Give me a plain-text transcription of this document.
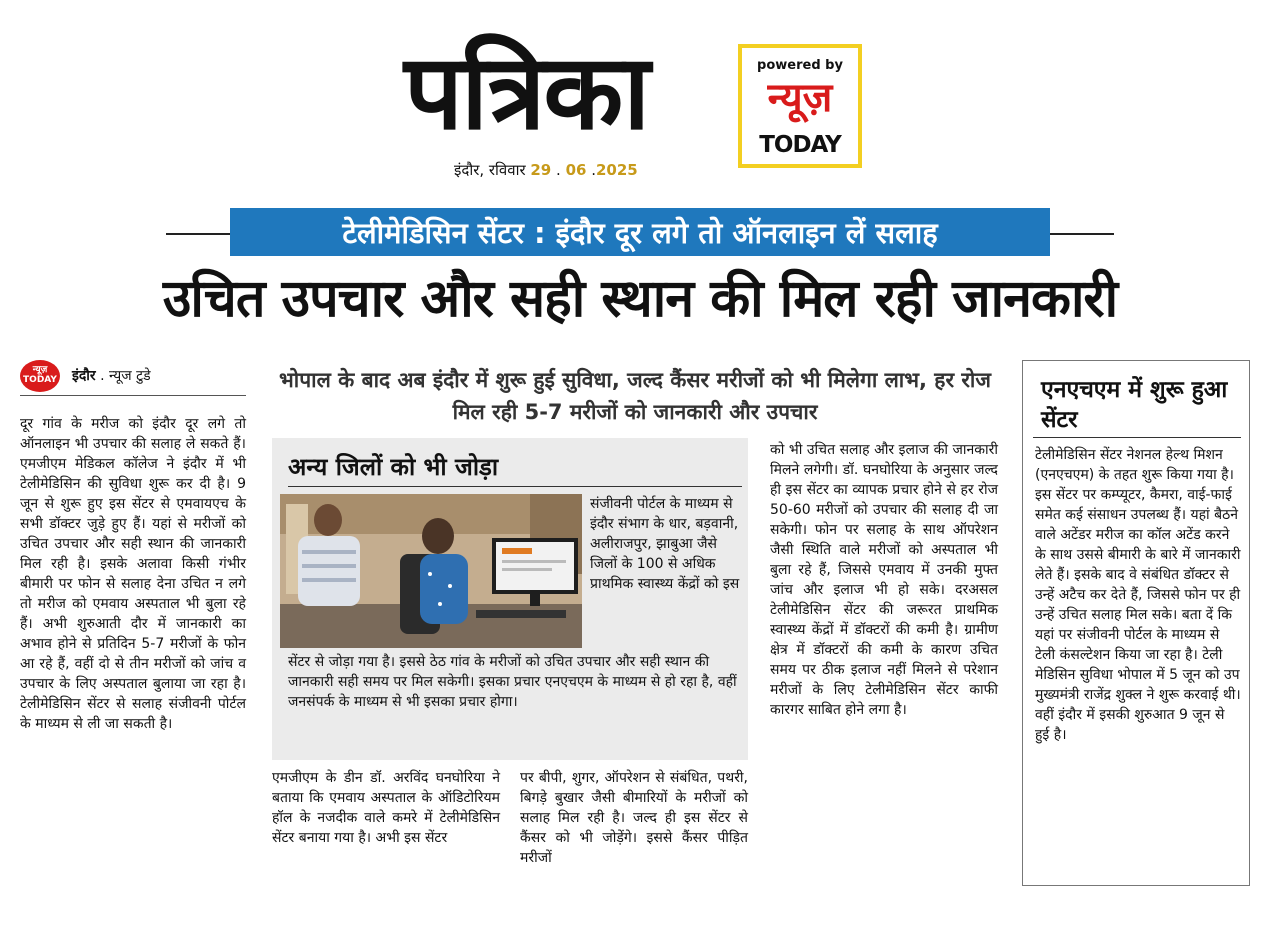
पत्रिका
इंदौर, रविवार 29 . 06 .2025
powered by
न्यूज़
TODAY
टेलीमेडिसिन सेंटर : इंदौर दूर लगे तो ऑनलाइन लें सलाह
उचित उपचार और सही स्थान की मिल रही जानकारी
न्यूज़
TODAY इंदौर . न्यूज टुडे
दूर गांव के मरीज को इंदौर दूर लगे तो ऑनलाइन भी उपचार की सलाह ले सकते हैं। एमजीएम मेडिकल कॉलेज ने इंदौर में भी टेलीमेडिसिन की सुविधा शुरू कर दी है। 9 जून से शुरू हुए इस सेंटर से एमवायएच के सभी डॉक्टर जुड़े हुए हैं। यहां से मरीजों को उचित उपचार और सही स्थान की जानकारी मिल रही है। इसके अलावा किसी गंभीर बीमारी पर फोन से सलाह देना उचित न लगे तो मरीज को एमवाय अस्पताल भी बुला रहे हैं। अभी शुरुआती दौर में जानकारी का अभाव होने से प्रतिदिन 5-7 मरीजों के फोन आ रहे हैं, वहीं दो से तीन मरीजों को जांच व उपचार के लिए अस्पताल बुलाया जा रहा है। टेलीमेडिसिन सेंटर से सलाह संजीवनी पोर्टल के माध्यम से ली जा सकती है।
भोपाल के बाद अब इंदौर में शुरू हुई सुविधा, जल्द कैंसर मरीजों को भी मिलेगा लाभ, हर रोज मिल रही 5-7 मरीजों को जानकारी और उपचार
अन्य जिलों को भी जोड़ा
संजीवनी पोर्टल के माध्यम से इंदौर संभाग के धार, बड़वानी, अलीराजपुर, झाबुआ जैसे जिलों के 100 से अधिक प्राथमिक स्वास्थ्य केंद्रों को इस
सेंटर से जोड़ा गया है। इससे ठेठ गांव के मरीजों को उचित उपचार और सही स्थान की जानकारी सही समय पर मिल सकेगी। इसका प्रचार एनएचएम के माध्यम से हो रहा है, वहीं जनसंपर्क के माध्यम से भी इसका प्रचार होगा।
एमजीएम के डीन डॉ. अरविंद घनघोरिया ने बताया कि एमवाय अस्पताल के ऑडिटोरियम हॉल के नजदीक वाले कमरे में टेलीमेडिसिन सेंटर बनाया गया है। अभी इस सेंटर
पर बीपी, शुगर, ऑपरेशन से संबंधित, पथरी, बिगड़े बुखार जैसी बीमारियों के मरीजों को सलाह मिल रही है। जल्द ही इस सेंटर से कैंसर को भी जोड़ेंगे। इससे कैंसर पीड़ित मरीजों
को भी उचित सलाह और इलाज की जानकारी मिलने लगेगी। डॉ. घनघोरिया के अनुसार जल्द ही इस सेंटर का व्यापक प्रचार होने से हर रोज 50-60 मरीजों को उपचार की सलाह दी जा सकेगी। फोन पर सलाह के साथ ऑपरेशन जैसी स्थिति वाले मरीजों को अस्पताल भी बुला रहे हैं, जिससे एमवाय में उनकी मुफ्त जांच और इलाज भी हो सके। दरअसल टेलीमेडिसिन सेंटर की जरूरत प्राथमिक स्वास्थ्य केंद्रों में डॉक्टरों की कमी है। ग्रामीण क्षेत्र में डॉक्टरों की कमी के कारण उचित समय पर ठीक इलाज नहीं मिलने से परेशान मरीजों के लिए टेलीमेडिसिन सेंटर काफी कारगर साबित होने लगा है।
एनएचएम में शुरू हुआ सेंटर
टेलीमेडिसिन सेंटर नेशनल हेल्थ मिशन (एनएचएम) के तहत शुरू किया गया है। इस सेंटर पर कम्प्यूटर, कैमरा, वाई-फाई समेत कई संसाधन उपलब्ध हैं। यहां बैठने वाले अटेंडर मरीज का कॉल अटेंड करने के साथ उससे बीमारी के बारे में जानकारी लेते हैं। इसके बाद वे संबंधित डॉक्टर से उन्हें अटैच कर देते हैं, जिससे फोन पर ही उन्हें उचित सलाह मिल सके। बता दें कि यहां पर संजीवनी पोर्टल के माध्यम से टेली कंसल्टेशन किया जा रहा है। टेली मेडिसिन सुविधा भोपाल में 5 जून को उप मुख्यमंत्री राजेंद्र शुक्ल ने शुरू करवाई थी। वहीं इंदौर में इसकी शुरुआत 9 जून से हुई है।
